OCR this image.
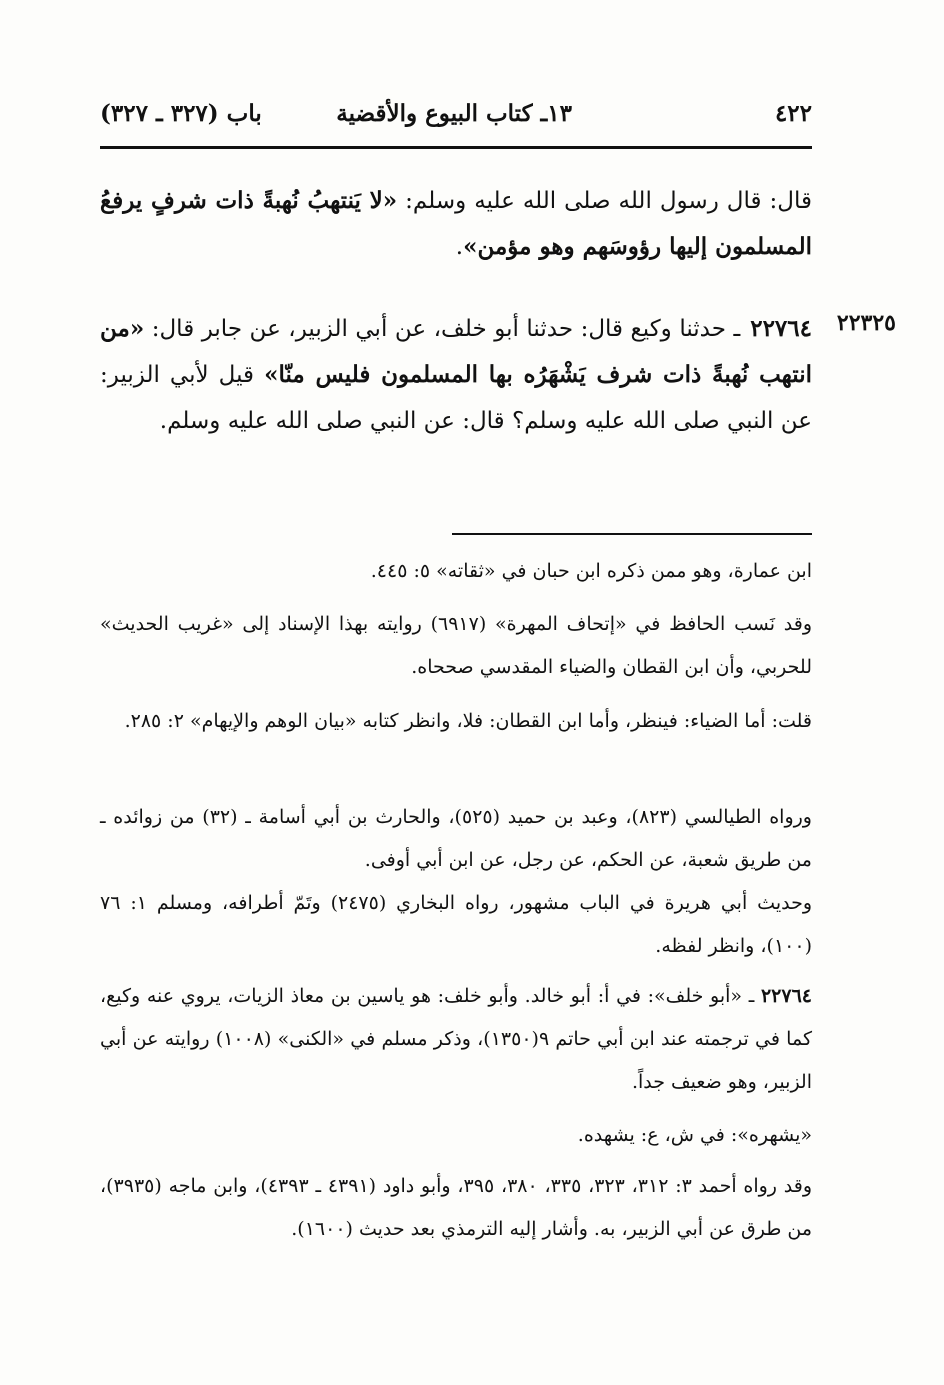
٤٢٢
١٣ـ كتاب البيوع والأقضية
باب (٣٢٧ ـ ٣٢٧)
قال: قال رسول الله صلى الله عليه وسلم: «لا يَنتهبُ نُهبةً ذات شرفٍ يرفعُ المسلمون إليها رؤوسَهم وهو مؤمن».
٢٢٣٢٥
٢٢٧٦٤ـ حدثنا وكيع قال: حدثنا أبو خلف، عن أبي الزبير، عن جابر قال: «من انتهب نُهبةً ذات شرف يَشْهَرُه بها المسلمون فليس منّا» قيل لأبي الزبير: عن النبي صلى الله عليه وسلم؟ قال: عن النبي صلى الله عليه وسلم.
ابن عمارة، وهو ممن ذكره ابن حبان في «ثقاته» ٥: ٤٤٥.
وقد نَسب الحافظ في «إتحاف المهرة» (٦٩١٧) روايته بهذا الإسناد إلى «غريب الحديث» للحربي، وأن ابن القطان والضياء المقدسي صححاه.
قلت: أما الضياء: فينظر، وأما ابن القطان: فلا، وانظر كتابه «بيان الوهم والإيهام» ٢: ٢٨٥.
ورواه الطيالسي (٨٢٣)، وعبد بن حميد (٥٢٥)، والحارث بن أبي أسامة ـ (٣٢) من زوائده ـ من طريق شعبة، عن الحكم، عن رجل، عن ابن أبي أوفى.
وحديث أبي هريرة في الباب مشهور، رواه البخاري (٢٤٧٥) وتَمّ أطرافه، ومسلم ١: ٧٦ (١٠٠)، وانظر لفظه.
٢٢٧٦٤ ـ «أبو خلف»: في أ: أبو خالد. وأبو خلف: هو ياسين بن معاذ الزيات، يروي عنه وكيع، كما في ترجمته عند ابن أبي حاتم ٩(١٣٥٠)، وذكر مسلم في «الكنى» (١٠٠٨) روايته عن أبي الزبير، وهو ضعيف جداً.
«يشهره»: في ش، ع: يشهده.
وقد رواه أحمد ٣: ٣١٢، ٣٢٣، ٣٣٥، ٣٨٠، ٣٩٥، وأبو داود (٤٣٩١ ـ ٤٣٩٣)، وابن ماجه (٣٩٣٥)، من طرق عن أبي الزبير، به. وأشار إليه الترمذي بعد حديث (١٦٠٠).
